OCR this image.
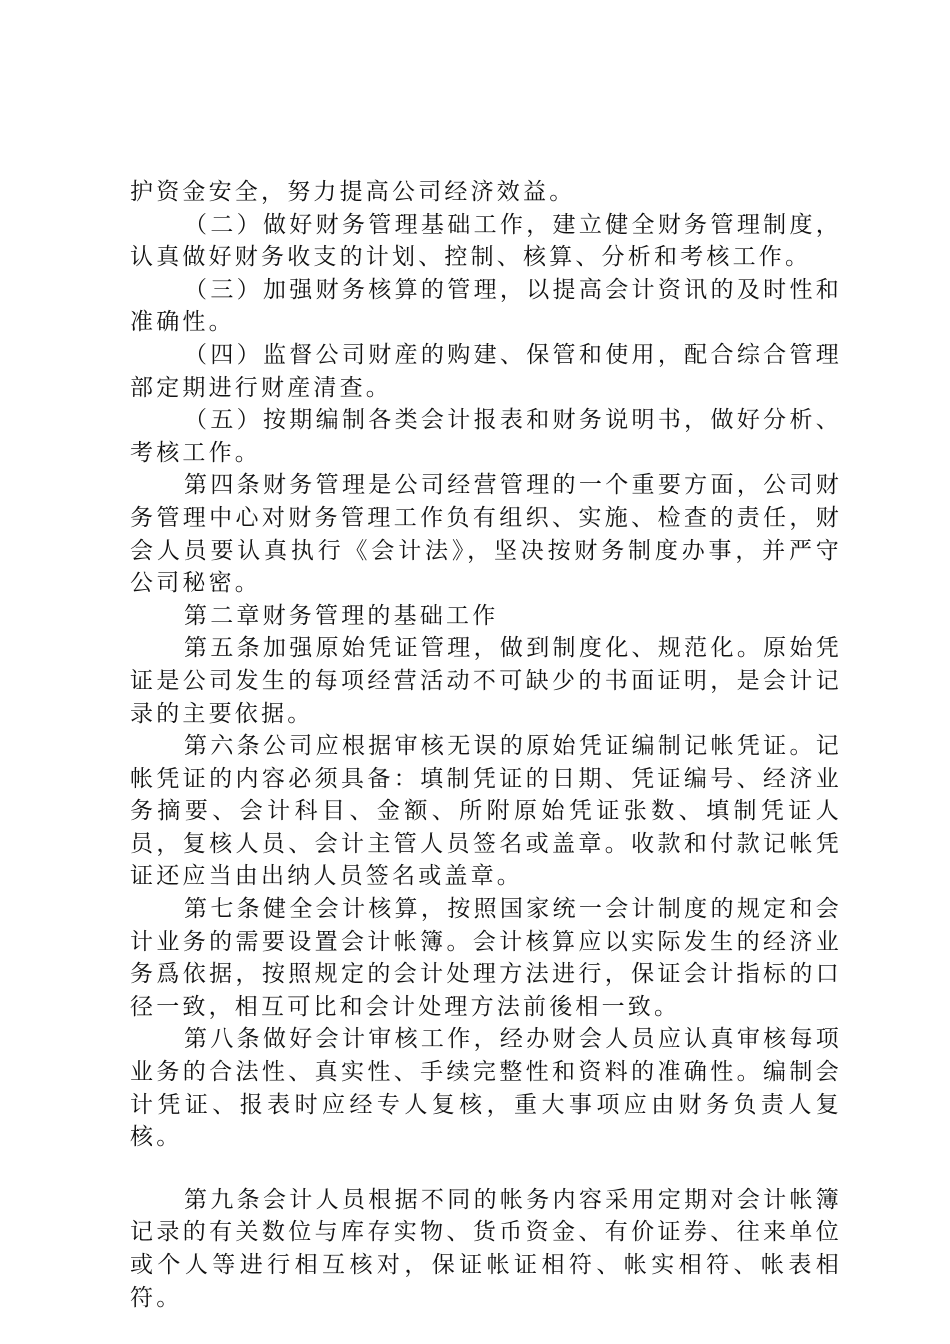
护资金安全，努力提高公司经济效益。

（二）做好财务管理基础工作，建立健全财务管理制度，认真做好财务收支的计划、控制、核算、分析和考核工作。

（三）加强财务核算的管理，以提高会计资讯的及时性和准确性。

（四）监督公司财産的购建、保管和使用，配合综合管理部定期进行财産清查。

（五）按期编制各类会计报表和财务说明书，做好分析、考核工作。

第四条财务管理是公司经营管理的一个重要方面，公司财务管理中心对财务管理工作负有组织、实施、检查的责任，财会人员要认真执行《会计法》，坚决按财务制度办事，并严守公司秘密。

第二章财务管理的基础工作

第五条加强原始凭证管理，做到制度化、规范化。原始凭证是公司发生的每项经营活动不可缺少的书面证明，是会计记录的主要依据。

第六条公司应根据审核无误的原始凭证编制记帐凭证。记帐凭证的内容必须具备：填制凭证的日期、凭证编号、经济业务摘要、会计科目、金额、所附原始凭证张数、填制凭证人员，复核人员、会计主管人员签名或盖章。收款和付款记帐凭证还应当由出纳人员签名或盖章。

第七条健全会计核算，按照国家统一会计制度的规定和会计业务的需要设置会计帐簿。会计核算应以实际发生的经济业务爲依据，按照规定的会计处理方法进行，保证会计指标的口径一致，相互可比和会计处理方法前後相一致。

第八条做好会计审核工作，经办财会人员应认真审核每项业务的合法性、真实性、手续完整性和资料的准确性。编制会计凭证、报表时应经专人复核，重大事项应由财务负责人复核。

第九条会计人员根据不同的帐务内容采用定期对会计帐簿记录的有关数位与库存实物、货币资金、有价证券、往来单位或个人等进行相互核对，保证帐证相符、帐实相符、帐表相符。
